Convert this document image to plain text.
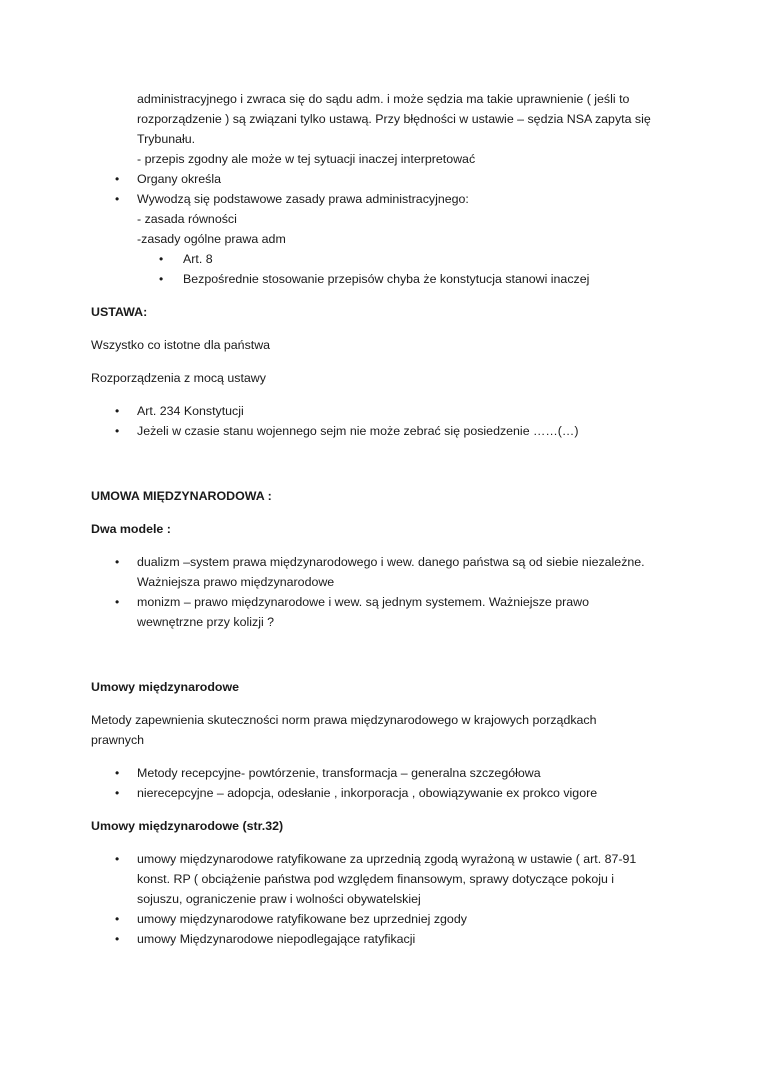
administracyjnego i zwraca się do sądu adm. i może sędzia ma takie uprawnienie ( jeśli to

rozporządzenie ) są związani tylko ustawą. Przy błędności w ustawie – sędzia NSA zapyta się

Trybunału.

- przepis zgodny ale może w tej sytuacji inaczej interpretować

• Organy określa

• Wywodzą się podstawowe zasady prawa administracyjnego:

- zasada równości

-zasady ogólne prawa adm

• Art. 8

• Bezpośrednie stosowanie przepisów chyba że konstytucja stanowi inaczej

USTAWA:

Wszystko co istotne dla państwa

Rozporządzenia z mocą ustawy

• Art. 234 Konstytucji

• Jeżeli w czasie stanu wojennego sejm nie może zebrać się posiedzenie ……(…)

UMOWA MIĘDZYNARODOWA :

Dwa modele :

• dualizm –system prawa międzynarodowego i wew. danego państwa są od siebie niezależne.

Ważniejsza prawo międzynarodowe

• monizm – prawo międzynarodowe i wew. są jednym systemem. Ważniejsze prawo

wewnętrzne przy kolizji ?

Umowy międzynarodowe

Metody zapewnienia skuteczności norm prawa międzynarodowego w krajowych porządkach

prawnych

• Metody recepcyjne- powtórzenie, transformacja – generalna szczegółowa

• nierecepcyjne – adopcja, odesłanie , inkorporacja , obowiązywanie ex prokco vigore

Umowy międzynarodowe (str.32)

• umowy międzynarodowe ratyfikowane za uprzednią zgodą wyrażoną w ustawie ( art. 87-91

konst. RP ( obciążenie państwa pod względem finansowym, sprawy dotyczące pokoju i

sojuszu, ograniczenie praw i wolności obywatelskiej

• umowy międzynarodowe ratyfikowane bez uprzedniej zgody

• umowy Międzynarodowe niepodlegające ratyfikacji
